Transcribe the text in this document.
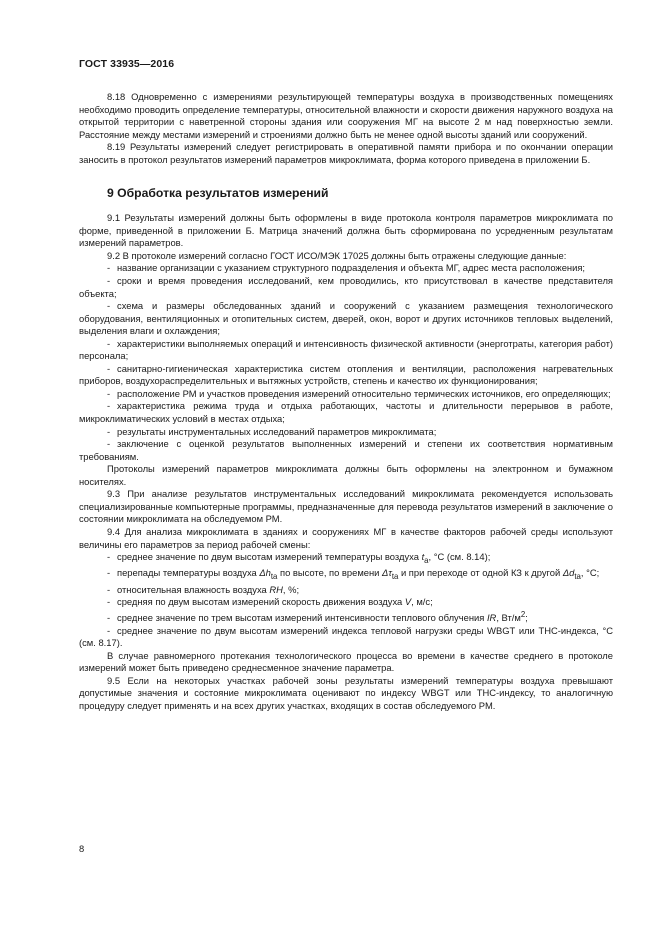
ГОСТ 33935—2016

8.18 Одновременно с измерениями результирующей температуры воздуха в производственных помещениях необходимо проводить определение температуры, относительной влажности и скорости движения наружного воздуха на открытой территории с наветренной стороны здания или сооружения МГ на высоте 2 м над поверхностью земли. Расстояние между местами измерений и строениями должно быть не менее одной высоты зданий или сооружений.

8.19 Результаты измерений следует регистрировать в оперативной памяти прибора и по окончании операции заносить в протокол результатов измерений параметров микроклимата, форма которого приведена в приложении Б.

9 Обработка результатов измерений

9.1 Результаты измерений должны быть оформлены в виде протокола контроля параметров микроклимата по форме, приведенной в приложении Б. Матрица значений должна быть сформирована по усредненным результатам измерений параметров.

9.2 В протоколе измерений согласно ГОСТ ИСО/МЭК 17025 должны быть отражены следующие данные:

- название организации с указанием структурного подразделения и объекта МГ, адрес места расположения;

- сроки и время проведения исследований, кем проводились, кто присутствовал в качестве представителя объекта;

- схема и размеры обследованных зданий и сооружений с указанием размещения технологического оборудования, вентиляционных и отопительных систем, дверей, окон, ворот и других источников тепловых выделений, выделения влаги и охлаждения;

- характеристики выполняемых операций и интенсивность физической активности (энерготраты, категория работ) персонала;

- санитарно-гигиеническая характеристика систем отопления и вентиляции, расположения нагревательных приборов, воздухораспределительных и вытяжных устройств, степень и качество их функционирования;

- расположение РМ и участков проведения измерений относительно термических источников, его определяющих;

- характеристика режима труда и отдыха работающих, частоты и длительности перерывов в работе, микроклиматических условий в местах отдыха;

- результаты инструментальных исследований параметров микроклимата;

- заключение с оценкой результатов выполненных измерений и степени их соответствия нормативным требованиям.

Протоколы измерений параметров микроклимата должны быть оформлены на электронном и бумажном носителях.

9.3 При анализе результатов инструментальных исследований микроклимата рекомендуется использовать специализированные компьютерные программы, предназначенные для перевода результатов измерений в заключение о состоянии микроклимата на обследуемом РМ.

9.4 Для анализа микроклимата в зданиях и сооружениях МГ в качестве факторов рабочей среды используют величины его параметров за период рабочей смены:

- среднее значение по двум высотам измерений температуры воздуха $t_a$, °C (см. 8.14);

- перепады температуры воздуха $\Delta h_{ta}$ по высоте, по времени $\Delta\tau_{ta}$ и при переходе от одной КЗ к другой $\Delta d_{ta}$, °C;

- относительная влажность воздуха RH, %;

- средняя по двум высотам измерений скорость движения воздуха V, м/с;

- среднее значение по трем высотам измерений интенсивности теплового облучения IR, $Вт/м^2$;

- среднее значение по двум высотам измерений индекса тепловой нагрузки среды WBGT или ТНС-индекса, °C (см. 8.17).

В случае равномерного протекания технологического процесса во времени в качестве среднего в протоколе измерений может быть приведено среднесменное значение параметра.

9.5 Если на некоторых участках рабочей зоны результаты измерений температуры воздуха превышают допустимые значения и состояние микроклимата оценивают по индексу WBGT или ТНС-индексу, то аналогичную процедуру следует применять и на всех других участках, входящих в состав обследуемого РМ.

8
